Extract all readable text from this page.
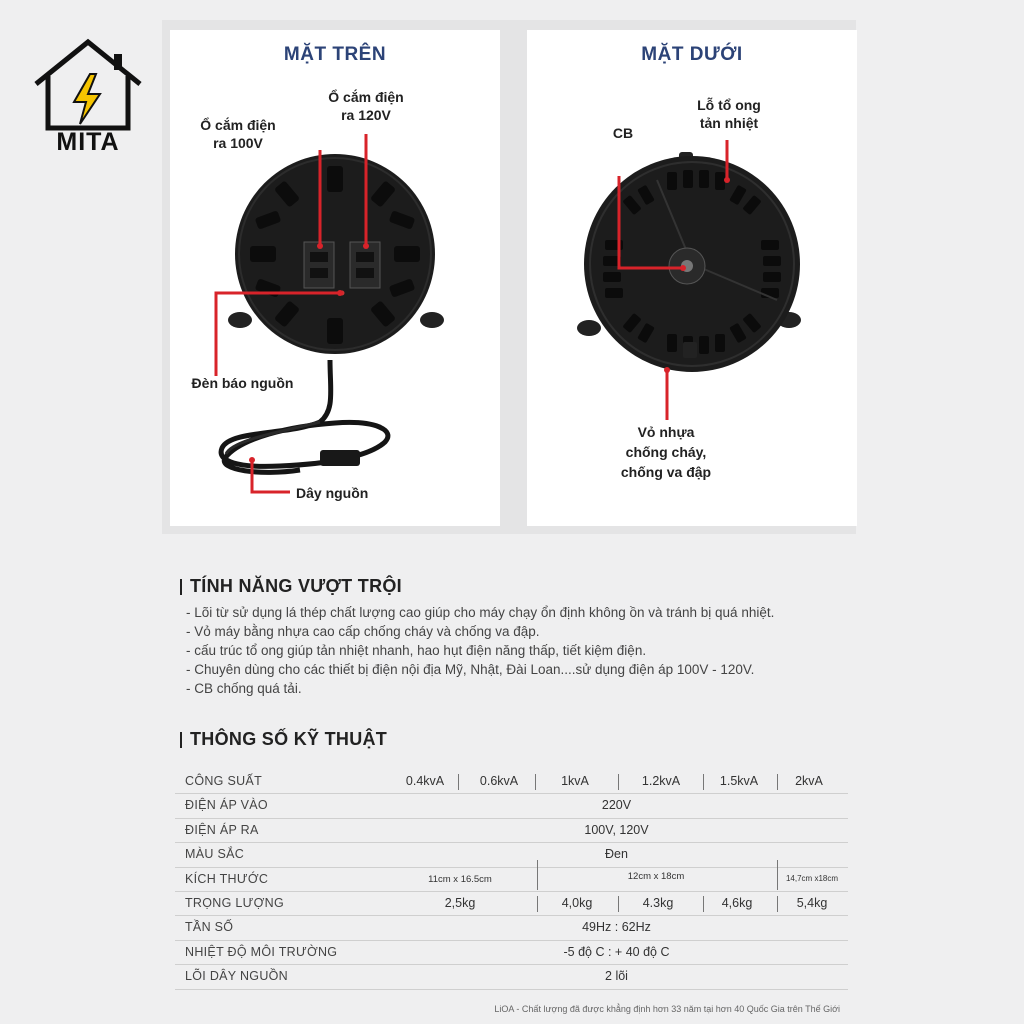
MITA
MẶT TRÊN
Ổ cắm điện
ra 100V
Ổ cắm điện
ra 120V
Đèn báo nguồn
Dây nguồn
MẶT DƯỚI
CB
Lỗ tổ ong
tản nhiệt
Vỏ nhựa
chống cháy,
chống va đập
TÍNH NĂNG VƯỢT TRỘI
- Lõi từ sử dụng lá thép chất lượng cao giúp cho máy chạy ổn định không ồn và tránh bị quá nhiệt.
- Vỏ máy bằng nhựa cao cấp chống cháy và chống va đập.
- cấu trúc tổ ong giúp tản nhiệt nhanh, hao hụt điện năng thấp, tiết kiệm điện.
- Chuyên dùng cho các thiết bị điện nội địa Mỹ, Nhật, Đài Loan....sử dụng điện áp 100V - 120V.
- CB chống quá tải.
THÔNG SỐ KỸ THUẬT
CÔNG SUẤT	0.4kvA	0.6kvA	1kvA	1.2kvA	1.5kvA	2kvA
ĐIỆN ÁP VÀO	220V
ĐIỆN ÁP RA	100V, 120V
MÀU SẮC	Đen
KÍCH THƯỚC	11cm x 16.5cm	12cm x 18cm	14,7cm x18cm
TRỌNG LƯỢNG	2,5kg	4,0kg	4.3kg	4,6kg	5,4kg
TẦN SỐ	49Hz : 62Hz
NHIỆT ĐỘ MÔI TRƯỜNG	-5 độ C : + 40 độ C
LÕI DÂY NGUỒN	2 lõi
LiOA - Chất lượng đã được khẳng định hơn 33 năm tại hơn 40 Quốc Gia trên Thế Giới
